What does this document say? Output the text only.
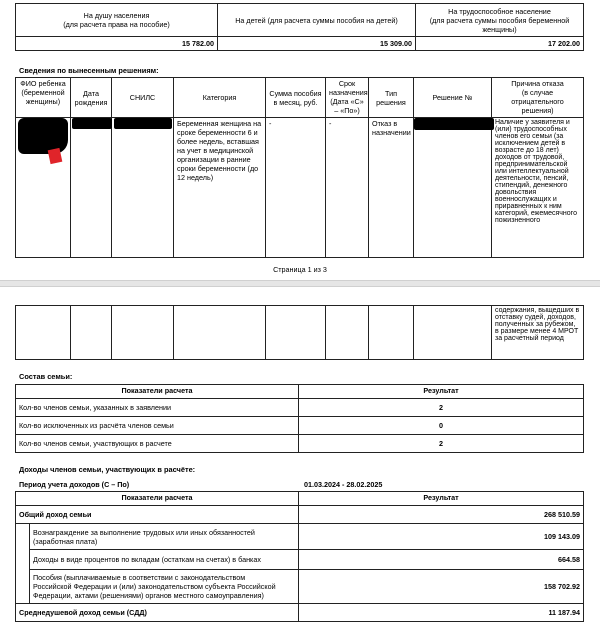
На душу населения
(для расчета права на пособие)	На детей (для расчета суммы пособия на детей)	На трудоспособное население
(для расчета суммы пособия беременной
женщины)
15 782.00	15 309.00	17 202.00
Сведения по вынесенным решениям:
ФИО ребенка
(беременной
женщины)	Дата
рождения	СНИЛС	Категория	Сумма пособия
в месяц, руб.	Срок
назначения
(Дата «С»
– «По»)	Тип
решения	Решение №	Причина отказа
(в случае
отрицательного
решения)
			Беременная женщина на сроке беременности 6 и более недель, вставшая на учет в медицинской организации в ранние сроки беременности (до 12 недель)	-	-	Отказ в назначении		Наличие у заявителя и (или) трудоспособных членов его семьи (за исключением детей в возрасте до 18 лет) доходов от трудовой, предпринимательской или интеллектуальной деятельности, пенсий, стипендий, денежного довольствия военнослужащих и приравненных к ним категорий, ежемесячного пожизненного
Страница 1 из 3
								содержания, выщедших в отставку судей, доходов, полученных за рубежом, в размере менее 4 МРОТ за расчетный период
Состав семьи:
Показатели расчета	Результат
Кол-во членов семьи, указанных в заявлении	2
Кол-во исключенных из расчёта членов семьи	0
Кол-во членов семьи, участвующих в расчете	2
Доходы членов семьи, участвующих в расчёте:
Период учета доходов (С – По)	01.03.2024 - 28.02.2025
Показатели расчета		Результат
Общий доход семьи		268 510.59
	Вознаграждение за выполнение трудовых или иных обязанностей
(заработная плата)	109 143.09
	Доходы в виде процентов по вкладам (остаткам на счетах) в банках	664.58
	Пособия (выплачиваемые в соответствии с законодательством
Российской Федерации и (или) законодательством субъекта Российской
Федерации, актами (решениями) органов местного самоуправления)	158 702.92
Среднедушевой доход семьи (СДД)		11 187.94
